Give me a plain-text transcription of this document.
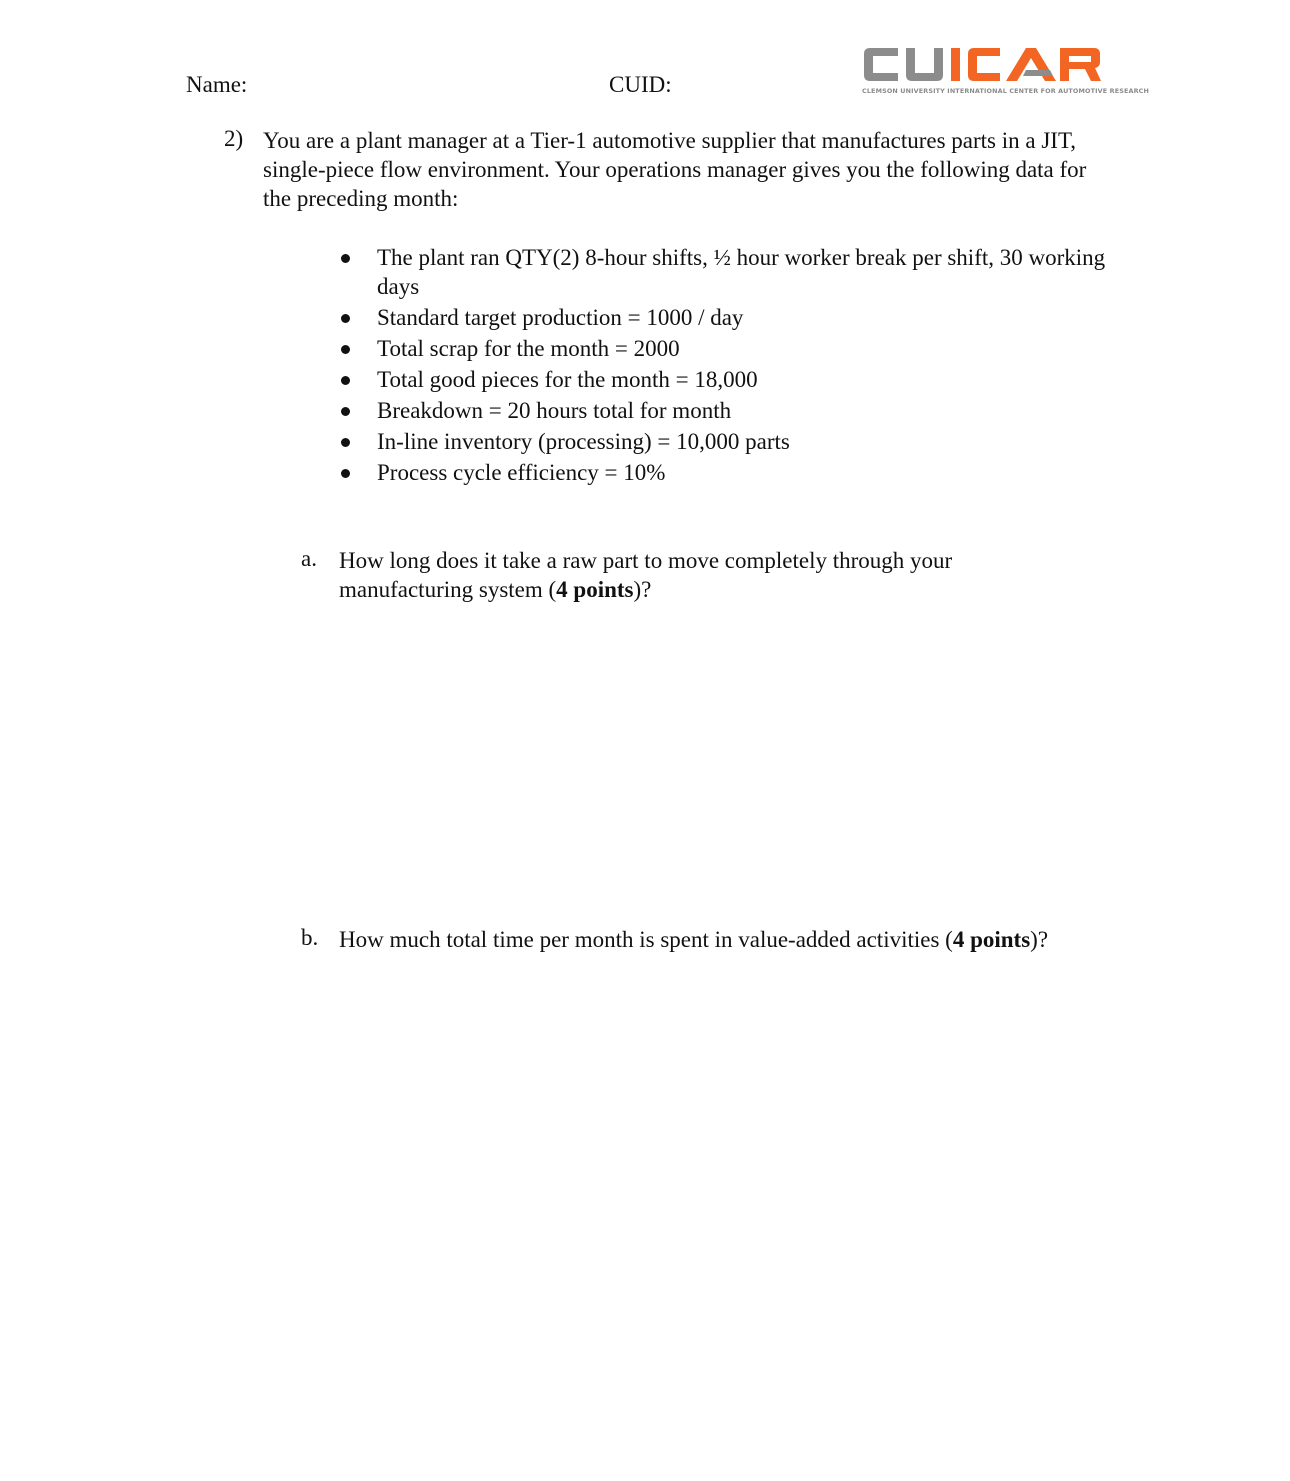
Name:	CUID:	CLEMSON UNIVERSITY INTERNATIONAL CENTER FOR AUTOMOTIVE RESEARCH
2) You are a plant manager at a Tier-1 automotive supplier that manufactures parts in a JIT, single-piece flow environment. Your operations manager gives you the following data for the preceding month:
The plant ran QTY(2) 8-hour shifts, ½ hour worker break per shift, 30 working days
Standard target production = 1000 / day
Total scrap for the month = 2000
Total good pieces for the month = 18,000
Breakdown = 20 hours total for month
In-line inventory (processing) = 10,000 parts
Process cycle efficiency = 10%
a. How long does it take a raw part to move completely through your manufacturing system (4 points)?
b. How much total time per month is spent in value-added activities (4 points)?
